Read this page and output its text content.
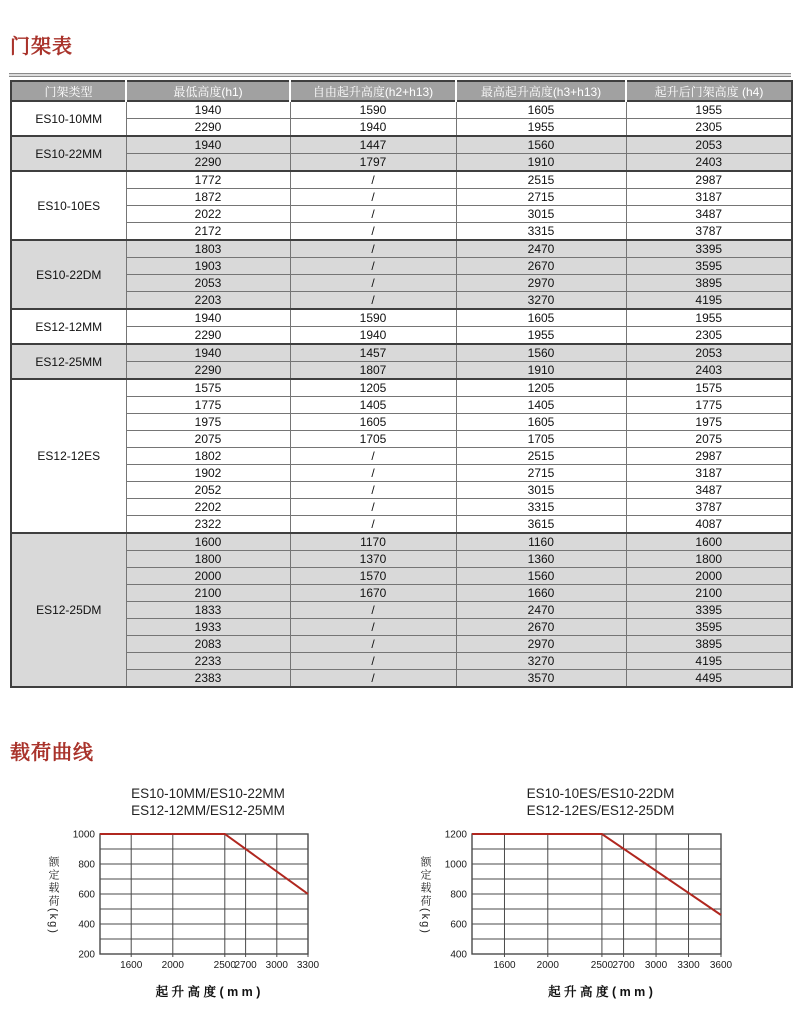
门架表
门架类型	最低高度(h1)	自由起升高度(h2+h13)	最高起升高度(h3+h13)	起升后门架高度 (h4)
ES10-10MM	1940	1590	1605	1955
	2290	1940	1955	2305
ES10-22MM	1940	1447	1560	2053
	2290	1797	1910	2403
ES10-10ES	1772	/	2515	2987
	1872	/	2715	3187
	2022	/	3015	3487
	2172	/	3315	3787
ES10-22DM	1803	/	2470	3395
	1903	/	2670	3595
	2053	/	2970	3895
	2203	/	3270	4195
ES12-12MM	1940	1590	1605	1955
	2290	1940	1955	2305
ES12-25MM	1940	1457	1560	2053
	2290	1807	1910	2403
ES12-12ES	1575	1205	1205	1575
	1775	1405	1405	1775
	1975	1605	1605	1975
	2075	1705	1705	2075
	1802	/	2515	2987
	1902	/	2715	3187
	2052	/	3015	3487
	2202	/	3315	3787
	2322	/	3615	4087
ES12-25DM	1600	1170	1160	1600
	1800	1370	1360	1800
	2000	1570	1560	2000
	2100	1670	1660	2100
	1833	/	2470	3395
	1933	/	2670	3595
	2083	/	2970	3895
	2233	/	3270	4195
	2383	/	3570	4495
载荷曲线
ES10-10MM/ES10-22MM
ES12-12MM/ES12-25MM
额定载荷(kg)
200
400
600
800
1000
1600 2000	2500
2700 3000 3300
起 升 高 度 ( m m )
ES10-10ES/ES10-22DM
ES12-12ES/ES12-25DM
额定载荷(kg)
400
600
800
1000
1200
1600 2000	2500 2700 3000 3300 3600
起 升 高 度 ( m m )
